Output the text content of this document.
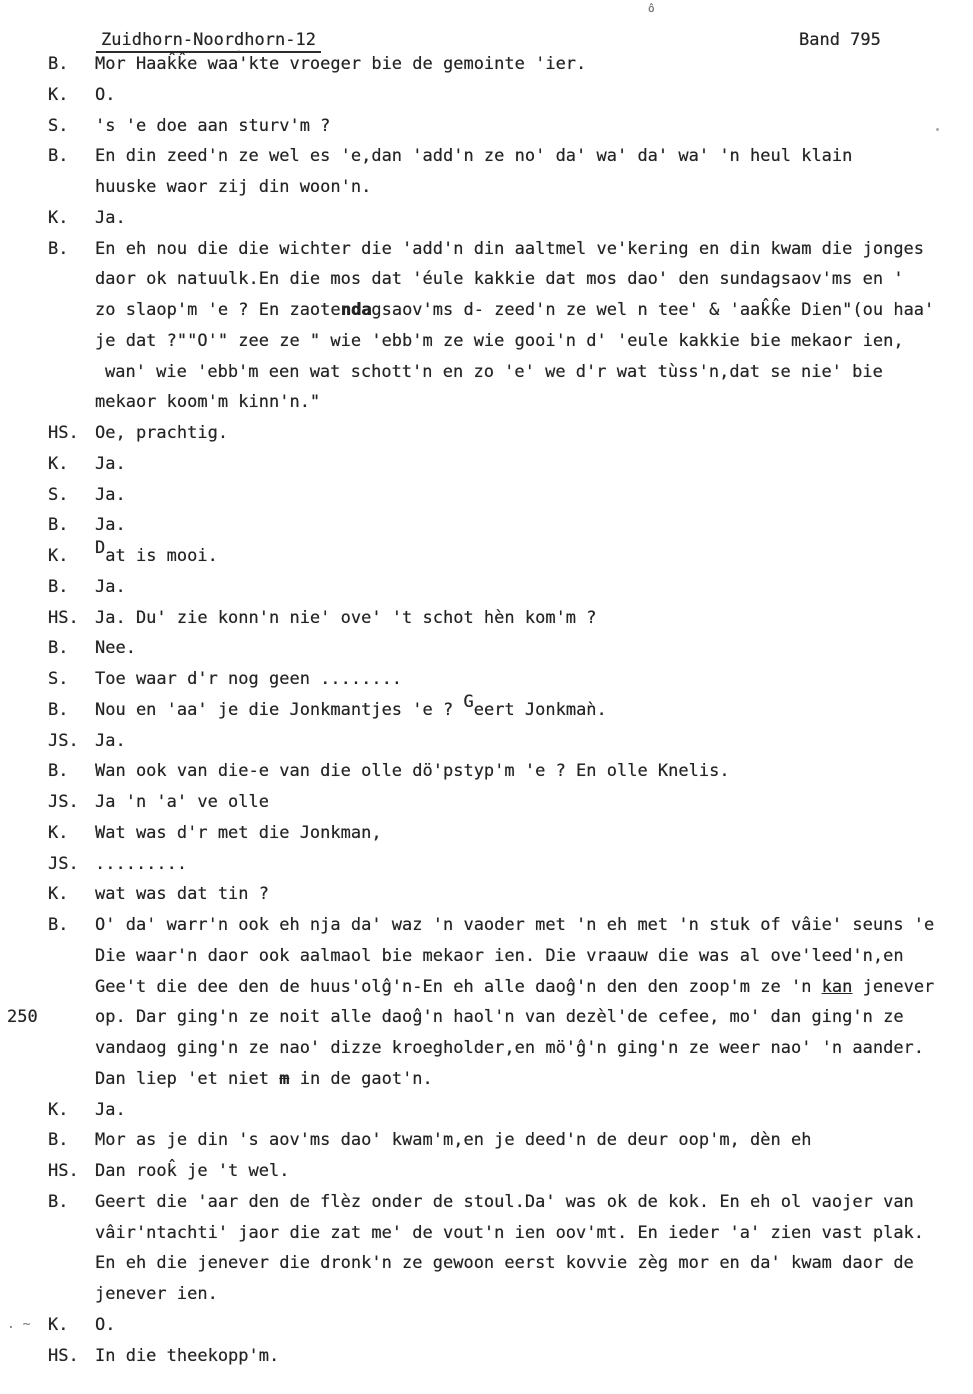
Zuidhorn-Noordhorn-12	Band 795
ô
B.	Mor Haak̂k̂e waa'kte vroeger bie de gemointe 'ier.
K.	O.
S.	's 'e doe aan sturv'm ?
B.	En din zeed'n ze wel es 'e,dan 'add'n ze no' da' wa' da' wa' 'n heul klain
huuske waor zij din woon'n.
K.	Ja.
B.	En eh nou die die wichter die 'add'n din aaltmel ve'kering en din kwam die jonges
daor ok natuulk.En die mos dat 'éule kakkie dat mos dao' den sundagsaov'ms en '
zo slaop'm 'e ? En zaotendagsaov'ms d- zeed'n ze wel n tee' & 'aak̂k̂e Dien"(ou haa'
je dat ?""O'" zee ze " wie 'ebb'm ze wie gooi'n d' 'eule kakkie bie mekaor ien,
wan' wie 'ebb'm een wat schott'n en zo 'e' we d'r wat tùss'n,dat se nie' bie
mekaor koom'm kinn'n."
HS. Oe, prachtig.
K.	Ja.
S.	Ja.
B.	Ja.
K.	Dat is mooi.
B.	Ja.
HS. Ja. Du' zie konn'n nie' ove' 't schot hèn kom'm ?
B.	Nee.
S.	Toe waar d'r nog geen ........
B.	Nou en 'aa' je die Jonkmantjes 'e ? Geert Jonkmaǹ.
JS. Ja.
B.	Wan ook van die-e van die olle dö'pstyp'm 'e ? En olle Knelis.
JS. Ja 'n 'a' ve olle
K.	Wat was d'r met die Jonkman,
JS. .........
K.	wat was dat tin ?
B.	O' da' warr'n ook eh nja da' waz 'n vaoder met 'n eh met 'n stuk of vâie' seuns 'e
Die waar'n daor ook aalmaol bie mekaor ien. Die vraauw die was al ove'leed'n,en
Gee't die dee den de huus'olĝ'n-En eh alle daoĝ'n den den zoop'm ze 'n kan jenever
250	op. Dar ging'n ze noit alle daoĝ'n haol'n van dezèl'de cefee, mo' dan ging'n ze
vandaog ging'n ze nao' dizze kroegholder,en mö'ĝ'n ging'n ze weer nao' 'n aander.
Dan liep 'et niet m in de gaot'n.
K.	Ja.
B.	Mor as je din 's aov'ms dao' kwam'm,en je deed'n de deur oop'm, dèn eh
HS. Dan rook̂ je 't wel.
B.	Geert die 'aar den de flèz onder de stoul.Da' was ok de kok. En eh ol vaojer van
vâir'ntachti' jaor die zat me' de vout'n ien oov'mt. En ieder 'a' zien vast plak.
En eh die jenever die dronk'n ze gewoon eerst kovvie zèg mor en da' kwam daor de
jenever ien.
. ~	K.	O.
HS. In die theekopp'm.
